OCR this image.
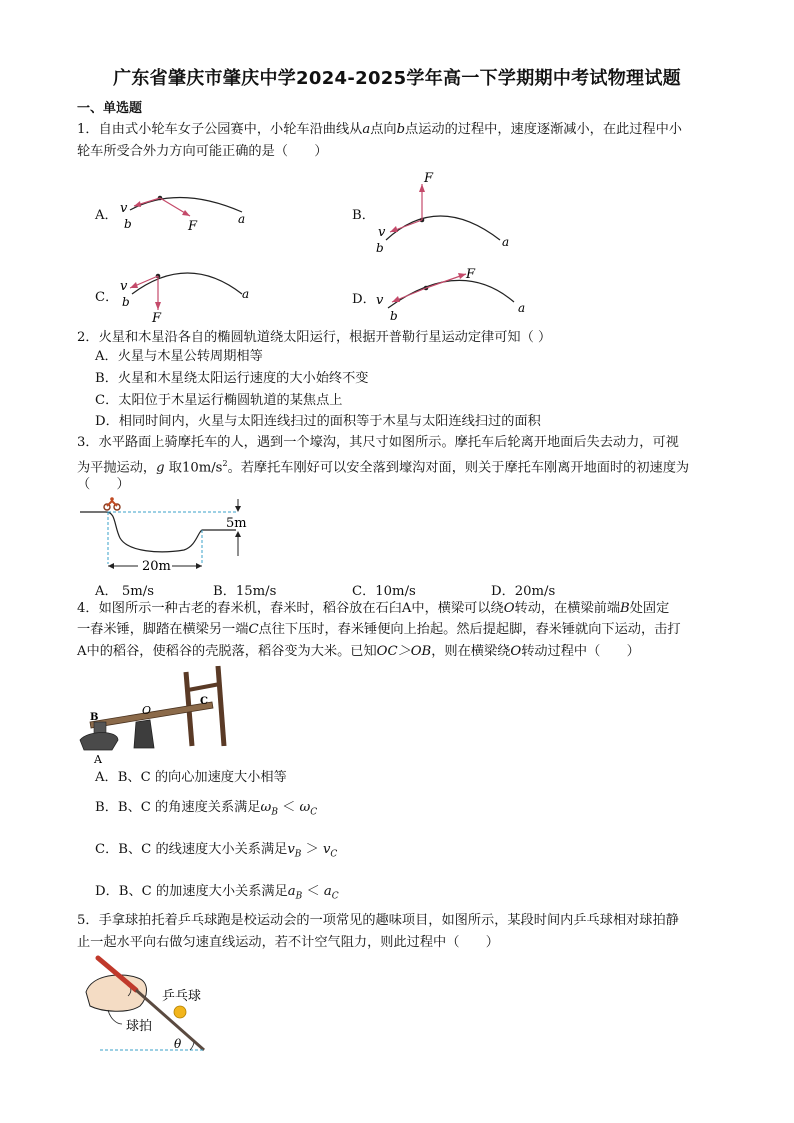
广东省肇庆市肇庆中学2024-2025学年高一下学期期中考试物理试题
一、单选题
1．自由式小轮车女子公园赛中，小轮车沿曲线从a点向b点运动的过程中，速度逐渐减小，在此过程中小
轮车所受合外力方向可能正确的是（　　）
A． v
b	F	a	B．
F
v
b	a
C．
v
b
F
a	D．
F
v
b
a
2．火星和木星沿各自的椭圆轨道绕太阳运行，根据开普勒行星运动定律可知（ ）
A．火星与木星公转周期相等
B．火星和木星绕太阳运行速度的大小始终不变
C．太阳位于木星运行椭圆轨道的某焦点上
D．相同时间内，火星与太阳连线扫过的面积等于木星与太阳连线扫过的面积
3．水平路面上骑摩托车的人，遇到一个壕沟，其尺寸如图所示。摩托车后轮离开地面后失去动力，可视
为平抛运动，g 取$10m/s^2$。若摩托车刚好可以安全落到壕沟对面，则关于摩托车刚离开地面时的初速度为
（　　）
5m
20m
A． 5m/s	B．15m/s	C．10m/s	D．20m/s
4．如图所示一种古老的舂米机，舂米时，稻谷放在石臼A中，横梁可以绕O转动，在横梁前端B处固定
一舂米锤，脚踏在横梁另一端C点往下压时，舂米锤便向上抬起。然后提起脚，舂米锤就向下运动，击打
A中的稻谷，使稻谷的壳脱落，稻谷变为大米。已知OC＞OB，则在横梁绕O转动过程中（　　）
B
O
C
A
A．B、C 的向心加速度大小相等
B．B、C 的角速度关系满足$\omega_B < \omega_C$
C．B、C 的线速度大小关系满足$v_B > v_C$
D．B、C 的加速度大小关系满足$a_B < a_C$
5．手拿球拍托着乒乓球跑是校运动会的一项常见的趣味项目，如图所示，某段时间内乒乓球相对球拍静
止一起水平向右做匀速直线运动，若不计空气阻力，则此过程中（　　）
乒乓球
球拍
θ
